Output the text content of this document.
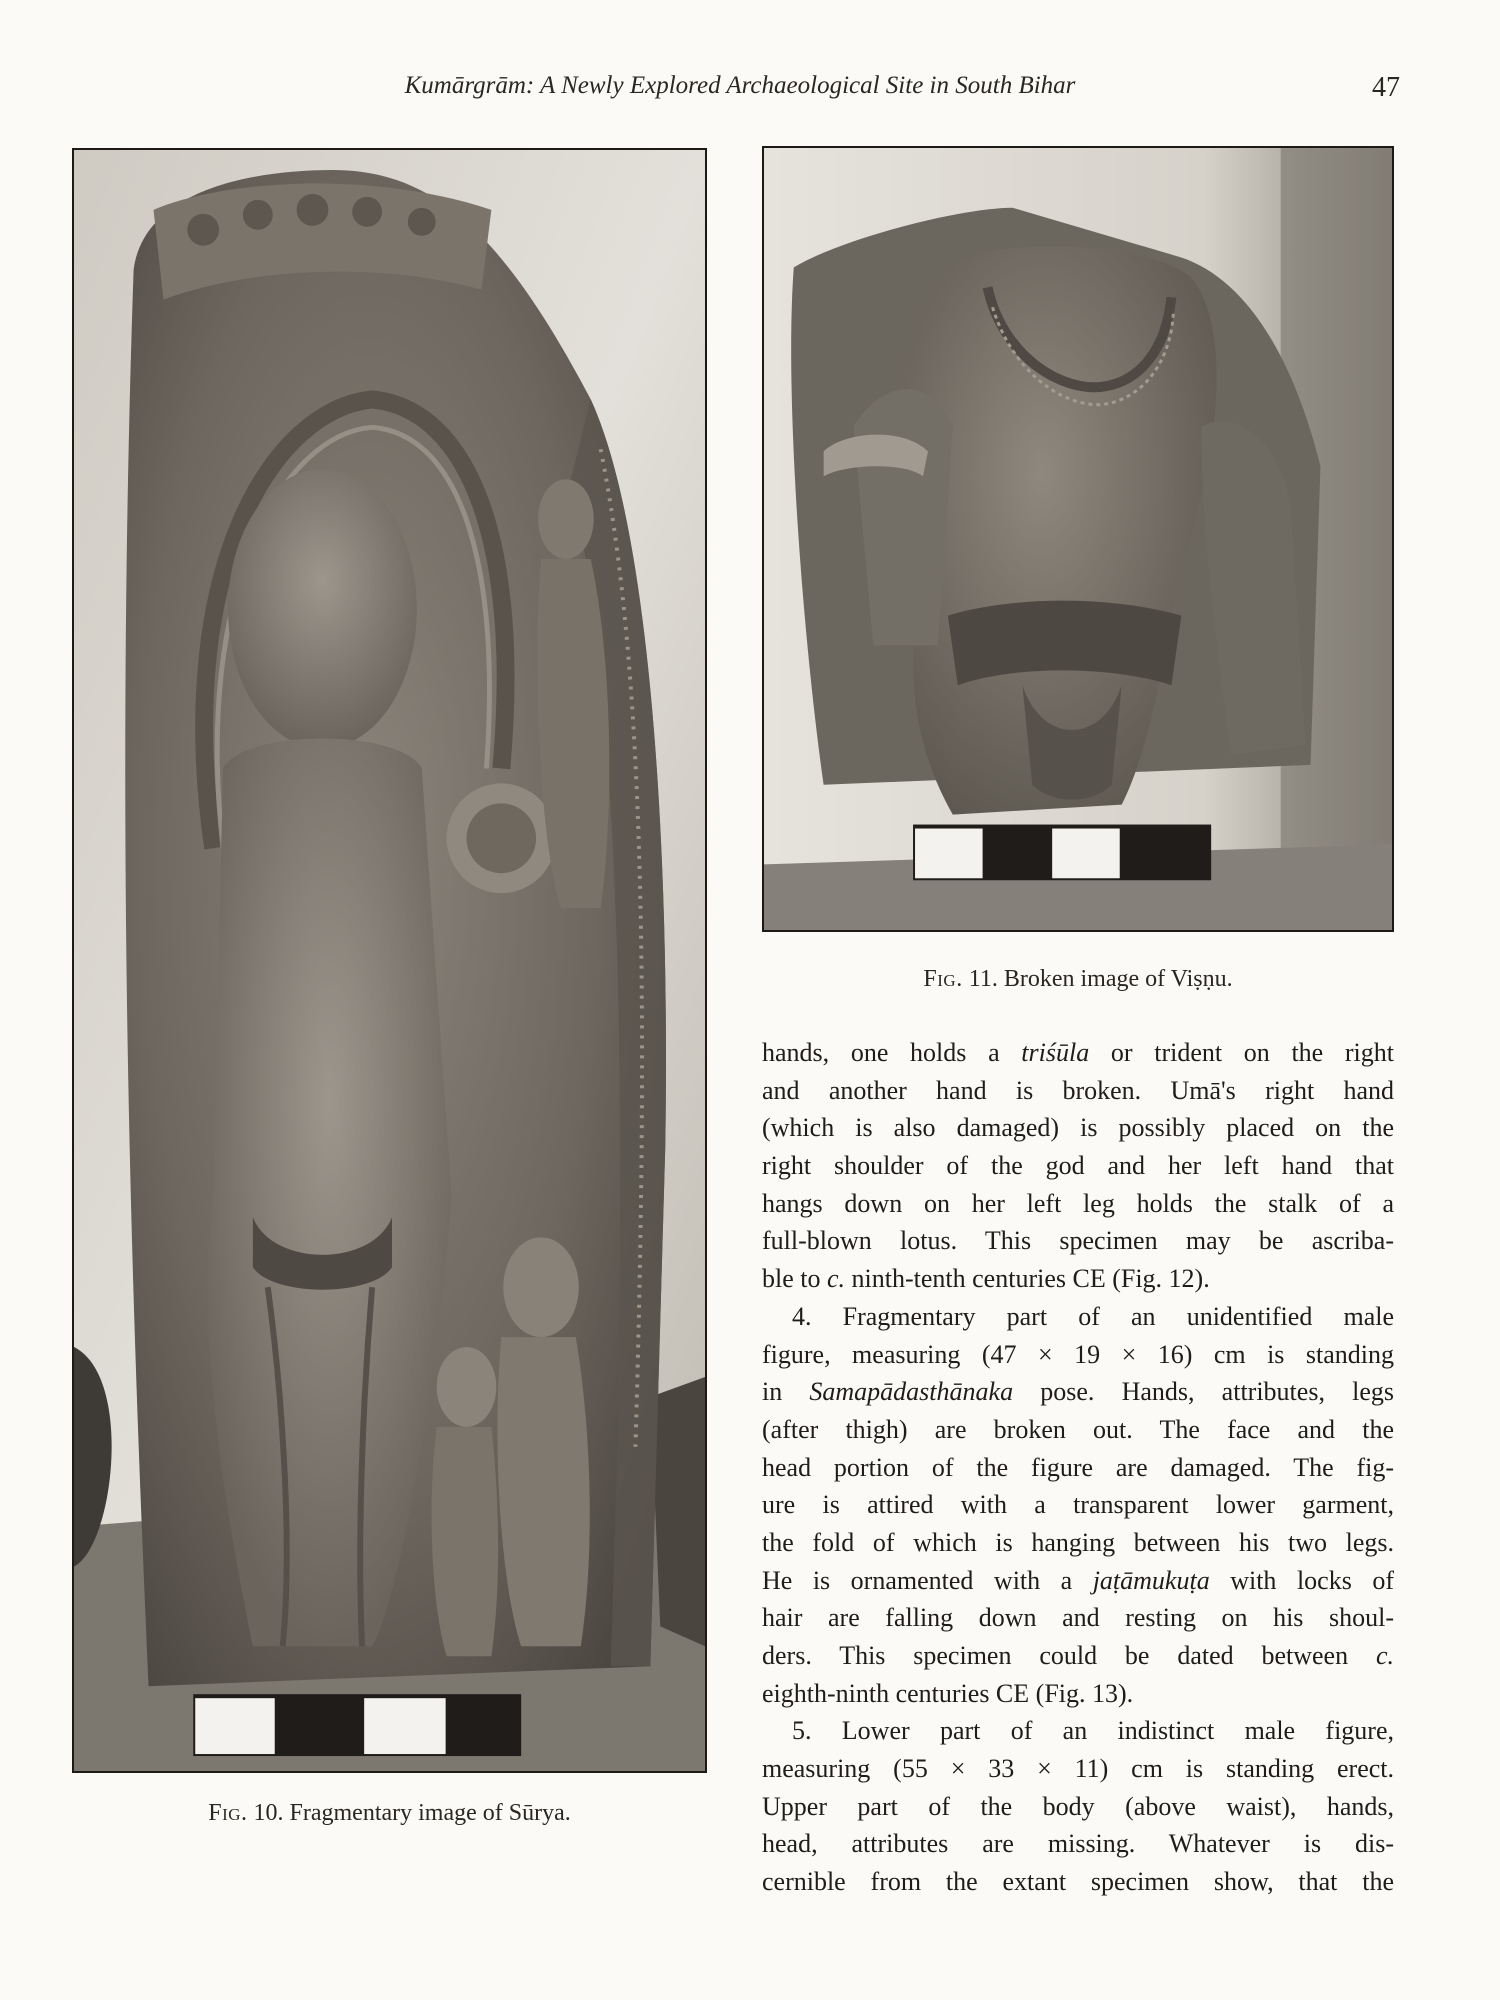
Kumārgrām: A Newly Explored Archaeological Site in South Bihar	47
Fig. 10. Fragmentary image of Sūrya.
Fig. 11. Broken image of Viṣṇu.
hands, one holds a triśūla or trident on the right
and another hand is broken. Umā's right hand
(which is also damaged) is possibly placed on the
right shoulder of the god and her left hand that
hangs down on her left leg holds the stalk of a
full-blown lotus. This specimen may be ascriba-
ble to c. ninth-tenth centuries CE (Fig. 12).
4. Fragmentary part of an unidentified male
figure, measuring (47 × 19 × 16) cm is standing
in Samapādasthānaka pose. Hands, attributes, legs
(after thigh) are broken out. The face and the
head portion of the figure are damaged. The fig-
ure is attired with a transparent lower garment,
the fold of which is hanging between his two legs.
He is ornamented with a jaṭāmukuṭa with locks of
hair are falling down and resting on his shoul-
ders. This specimen could be dated between c.
eighth-ninth centuries CE (Fig. 13).
5. Lower part of an indistinct male figure,
measuring (55 × 33 × 11) cm is standing erect.
Upper part of the body (above waist), hands,
head, attributes are missing. Whatever is dis-
cernible from the extant specimen show, that the
